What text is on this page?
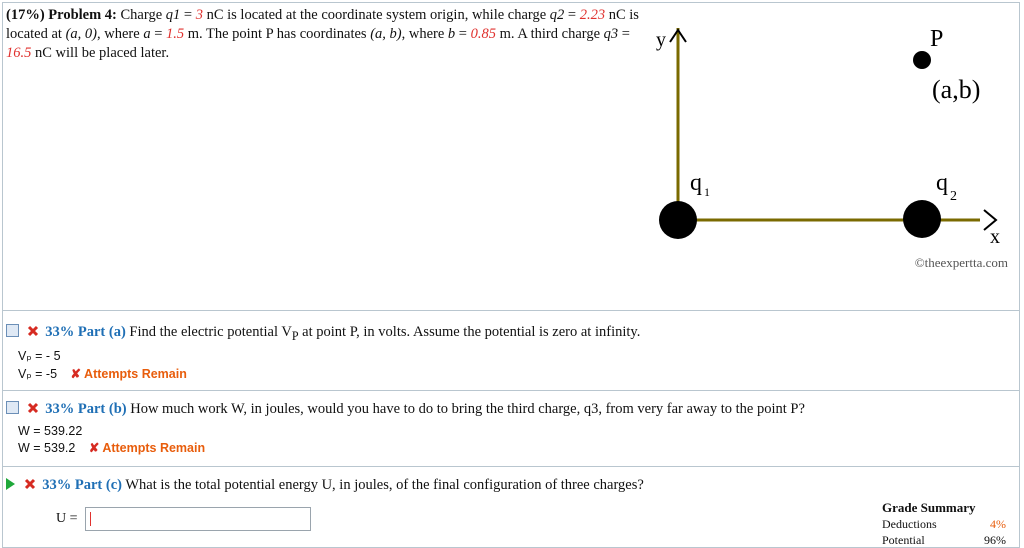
(17%) Problem 4: Charge q1 = 3 nC is located at the coordinate system origin, while charge q2 = 2.23 nC is located at (a, 0), where a = 1.5 m. The point P has coordinates (a, b), where b = 0.85 m. A third charge q3 = 16.5 nC will be placed later.
y
x
P
(a,b)
q 1	q
2
©theexpertta.com
33% Part (a) Find the electric potential $V_P$ at point P, in volts. Assume the potential is zero at infinity.
Vₚ = - 5
Vₚ = -5 ✘ Attempts Remain
33% Part (b) How much work W, in joules, would you have to do to bring the third charge, q3, from very far away to the point P?
W = 539.22
W = 539.2 ✘ Attempts Remain
33% Part (c) What is the total potential energy U, in joules, of the final configuration of three charges?
U =
Grade Summary
Deductions	4%
Potential	96%
